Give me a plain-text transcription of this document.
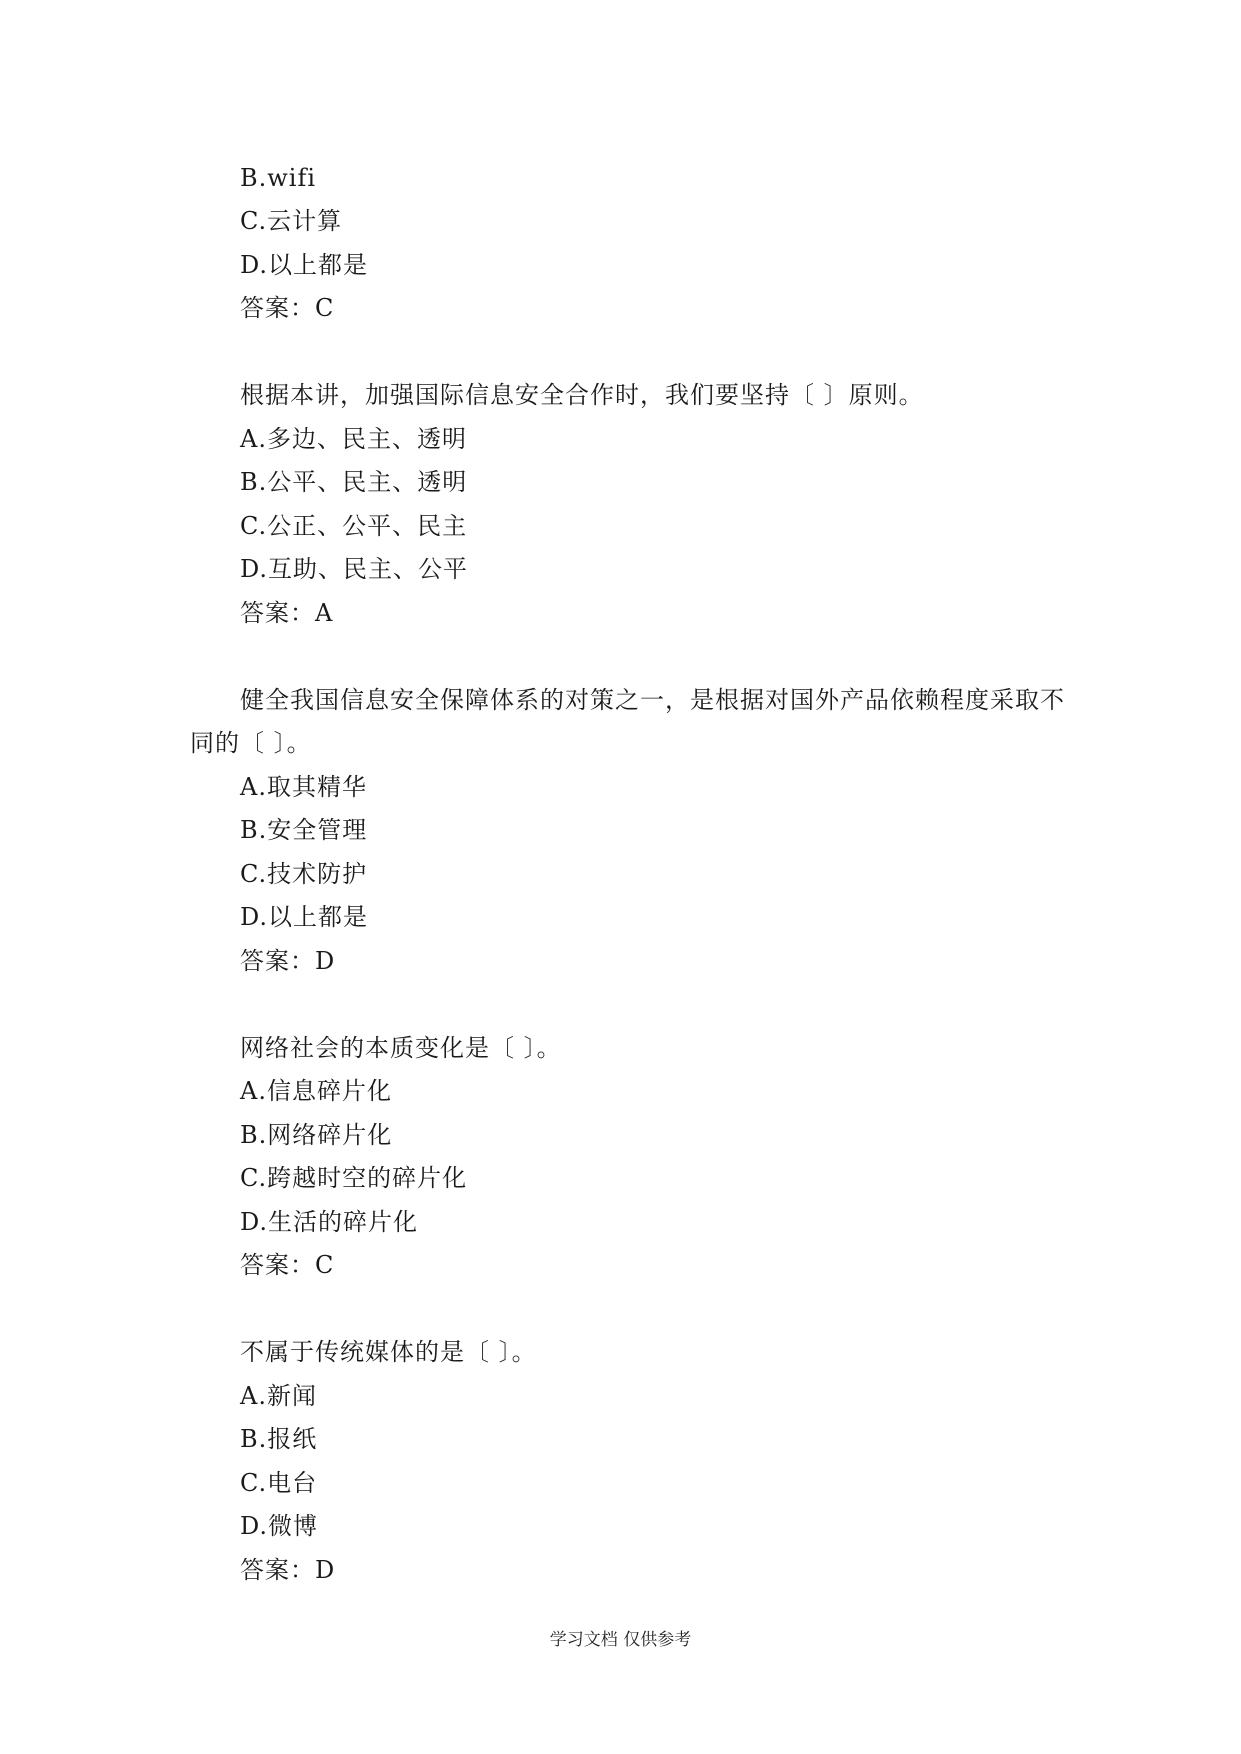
B.wifi
C.云计算
D.以上都是
答案：C
根据本讲，加强国际信息安全合作时，我们要坚持〔 〕原则。
A.多边、民主、透明
B.公平、民主、透明
C.公正、公平、民主
D.互助、民主、公平
答案：A
健全我国信息安全保障体系的对策之一，是根据对国外产品依赖程度采取不
同的〔 〕。
A.取其精华
B.安全管理
C.技术防护
D.以上都是
答案：D
网络社会的本质变化是〔 〕。
A.信息碎片化
B.网络碎片化
C.跨越时空的碎片化
D.生活的碎片化
答案：C
不属于传统媒体的是〔 〕。
A.新闻
B.报纸
C.电台
D.微博
答案：D
学习文档 仅供参考
